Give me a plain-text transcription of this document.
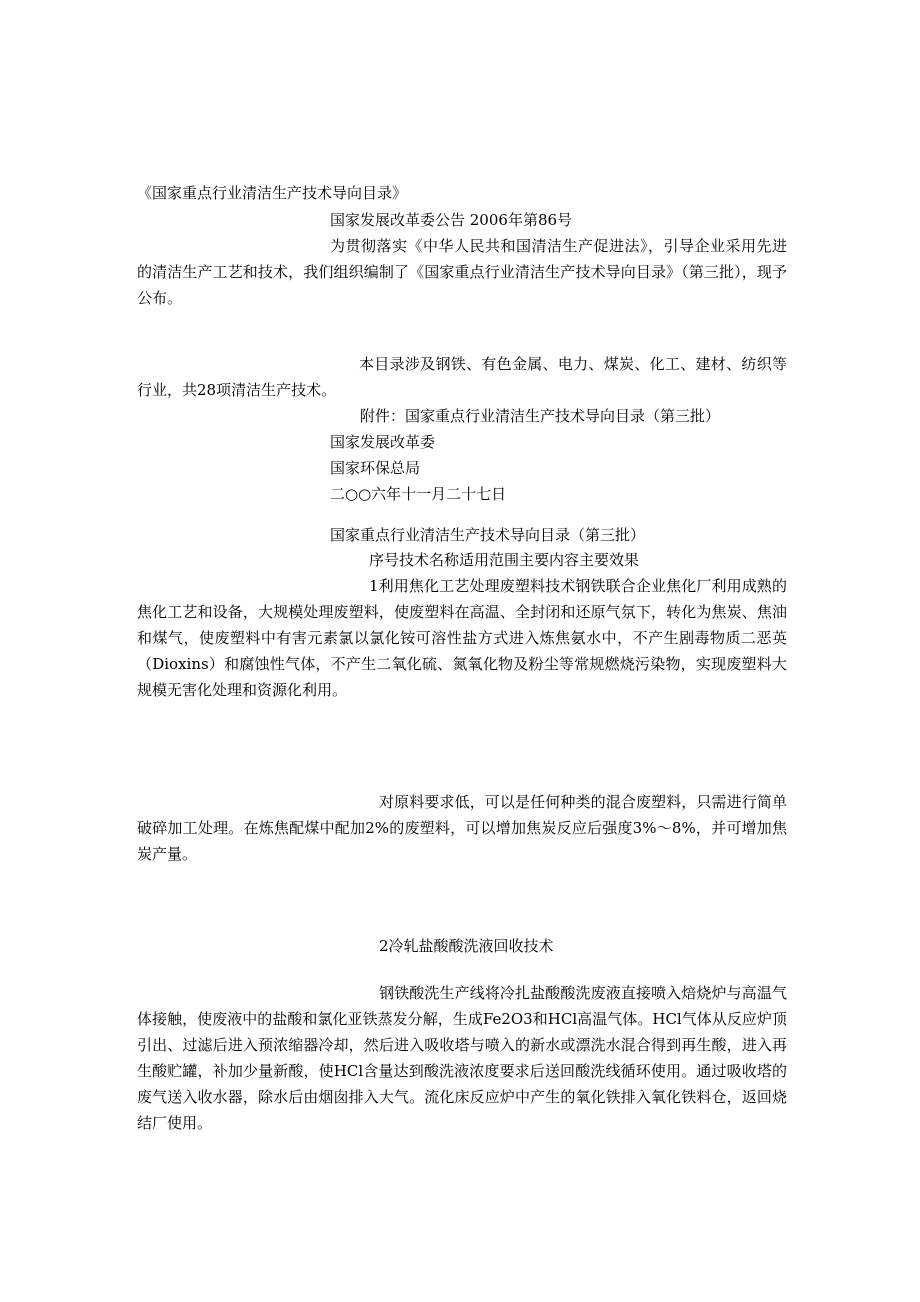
《国家重点行业清洁生产技术导向目录》
国家发展改革委公告 2006年第86号
为贯彻落实《中华人民共和国清洁生产促进法》，引导企业采用先进的清洁生产工艺和技术，我们组织编制了《国家重点行业清洁生产技术导向目录》（第三批），现予公布。
本目录涉及钢铁、有色金属、电力、煤炭、化工、建材、纺织等行业，共28项清洁生产技术。
附件：国家重点行业清洁生产技术导向目录（第三批）
国家发展改革委
国家环保总局
二○○六年十一月二十七日
国家重点行业清洁生产技术导向目录（第三批）
序号技术名称适用范围主要内容主要效果
1利用焦化工艺处理废塑料技术钢铁联合企业焦化厂利用成熟的焦化工艺和设备，大规模处理废塑料，使废塑料在高温、全封闭和还原气氛下，转化为焦炭、焦油和煤气，使废塑料中有害元素氯以氯化铵可溶性盐方式进入炼焦氨水中，不产生剧毒物质二恶英（Dioxins）和腐蚀性气体，不产生二氧化硫、氮氧化物及粉尘等常规燃烧污染物，实现废塑料大规模无害化处理和资源化利用。
对原料要求低，可以是任何种类的混合废塑料，只需进行简单破碎加工处理。在炼焦配煤中配加2%的废塑料，可以增加焦炭反应后强度3%～8%，并可增加焦炭产量。
2冷轧盐酸酸洗液回收技术
钢铁酸洗生产线将冷扎盐酸酸洗废液直接喷入焙烧炉与高温气体接触，使废液中的盐酸和氯化亚铁蒸发分解，生成Fe2O3和HCl高温气体。HCl气体从反应炉顶引出、过滤后进入预浓缩器冷却，然后进入吸收塔与喷入的新水或漂洗水混合得到再生酸，进入再生酸贮罐，补加少量新酸，使HCl含量达到酸洗液浓度要求后送回酸洗线循环使用。通过吸收塔的废气送入收水器，除水后由烟囱排入大气。流化床反应炉中产生的氧化铁排入氧化铁料仓，返回烧结厂使用。
